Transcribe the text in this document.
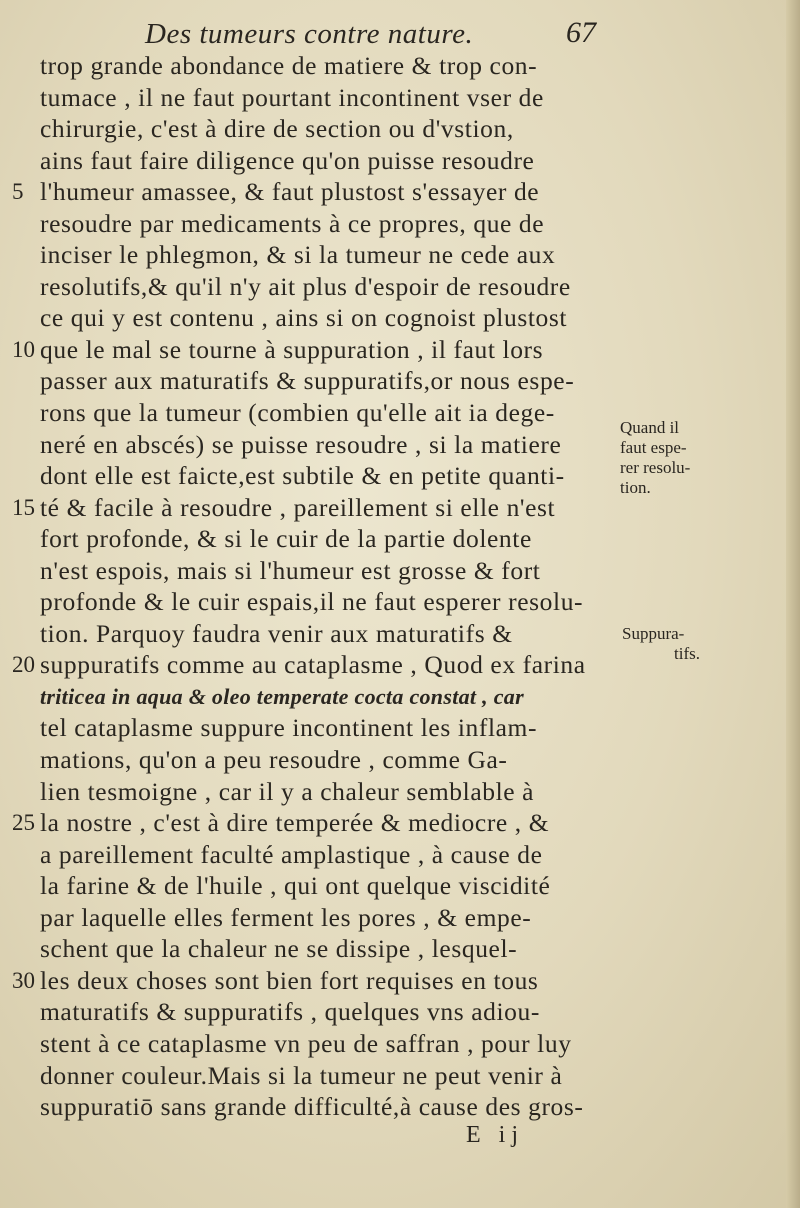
Des tumeurs contre nature.	67
trop grande abondance de matiere & trop con-
tumace , il ne faut pourtant incontinent vser de
chirurgie, c'est à dire de section ou d'vstion,
ains faut faire diligence qu'on puisse resoudre
5 l'humeur amassee, & faut plustost s'essayer de
resoudre par medicaments à ce propres, que de
inciser le phlegmon, & si la tumeur ne cede aux
resolutifs,& qu'il n'y ait plus d'espoir de resoudre
ce qui y est contenu , ains si on cognoist plustost
10 que le mal se tourne à suppuration , il faut lors
passer aux maturatifs & suppuratifs,or nous espe-
rons que la tumeur (combien qu'elle ait ia dege-
neré en abscés) se puisse resoudre , si la matiere
dont elle est faicte,est subtile & en petite quanti-
15 té & facile à resoudre , pareillement si elle n'est
fort profonde, & si le cuir de la partie dolente
n'est espois, mais si l'humeur est grosse & fort
profonde & le cuir espais,il ne faut esperer resolu-
tion. Parquoy faudra venir aux maturatifs &
20 suppuratifs comme au cataplasme , Quod ex farina
triticea in aqua & oleo temperate cocta constat , car
tel cataplasme suppure incontinent les inflam-
mations, qu'on a peu resoudre , comme Ga-
lien tesmoigne , car il y a chaleur semblable à
25 la nostre , c'est à dire temperée & mediocre , &
a pareillement faculté amplastique , à cause de
la farine & de l'huile , qui ont quelque viscidité
par laquelle elles ferment les pores , & empe-
schent que la chaleur ne se dissipe , lesquel-
30 les deux choses sont bien fort requises en tous
maturatifs & suppuratifs , quelques vns adiou-
stent à ce cataplasme vn peu de saffran , pour luy
donner couleur.Mais si la tumeur ne peut venir à
suppuratiō sans grande difficulté,à cause des gros-
Quand il
faut espe-
rer resolu-
tion.
Suppura-
tifs.
E ij
